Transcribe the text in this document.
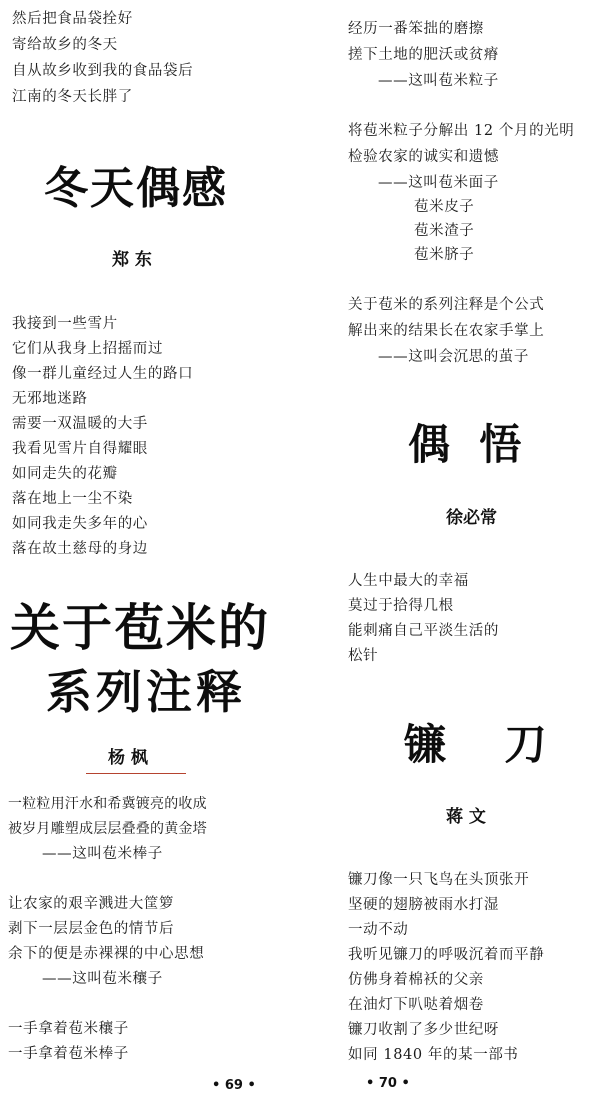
然后把食品袋拴好
寄给故乡的冬天
自从故乡收到我的食品袋后
江南的冬天长胖了
冬天偶感
郑 东
我接到一些雪片
它们从我身上招摇而过
像一群儿童经过人生的路口
无邪地迷路
需要一双温暖的大手
我看见雪片自得耀眼
如同走失的花瓣
落在地上一尘不染
如同我走失多年的心
落在故土慈母的身边
关于苞米的
系列注释
杨 枫
一粒粒用汗水和希冀镀亮的收成
被岁月雕塑成层层叠叠的黄金塔
——这叫苞米棒子
让农家的艰辛溅进大筐箩
剥下一层层金色的情节后
余下的便是赤裸裸的中心思想
——这叫苞米穰子
一手拿着苞米穰子
一手拿着苞米棒子
• 69 •
经历一番笨拙的磨擦
搓下土地的肥沃或贫瘠
——这叫苞米粒子
将苞米粒子分解出 12 个月的光明
检验农家的诚实和遗憾
——这叫苞米面子
苞米皮子
苞米渣子
苞米脐子
关于苞米的系列注释是个公式
解出来的结果长在农家手掌上
——这叫会沉思的茧子
偶  悟
徐必常
人生中最大的幸福
莫过于拾得几根
能刺痛自己平淡生活的
松针
镰    刀
蒋 文
镰刀像一只飞鸟在头顶张开
坚硬的翅膀被雨水打湿
一动不动
我听见镰刀的呼吸沉着而平静
仿佛身着棉袄的父亲
在油灯下叭哒着烟卷
镰刀收割了多少世纪呀
如同 1840 年的某一部书
• 70 •
